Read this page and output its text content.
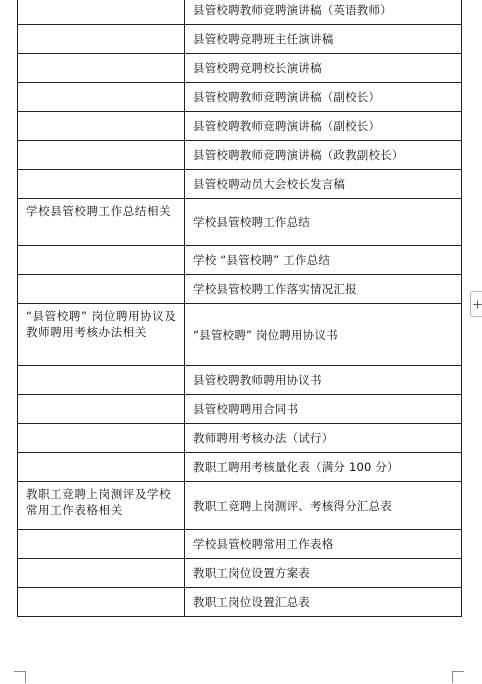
	县管校聘教师竞聘演讲稿（英语教师）
	县管校聘竞聘班主任演讲稿
	县管校聘竞聘校长演讲稿
	县管校聘教师竞聘演讲稿（副校长）
	县管校聘教师竞聘演讲稿（副校长）
	县管校聘教师竞聘演讲稿（政教副校长）
	县管校聘动员大会校长发言稿
学校县管校聘工作总结相关	学校县管校聘工作总结
	学校 “县管校聘” 工作总结
	学校县管校聘工作落实情况汇报
“县管校聘” 岗位聘用协议及教师聘用考核办法相关	“县管校聘” 岗位聘用协议书
	县管校聘教师聘用协议书
	县管校聘聘用合同书
	教师聘用考核办法（试行）
	教职工聘用考核量化表（满分 100 分）
教职工竞聘上岗测评及学校常用工作表格相关	教职工竞聘上岗测评、考核得分汇总表
	学校县管校聘常用工作表格
	教职工岗位设置方案表
	教职工岗位设置汇总表
